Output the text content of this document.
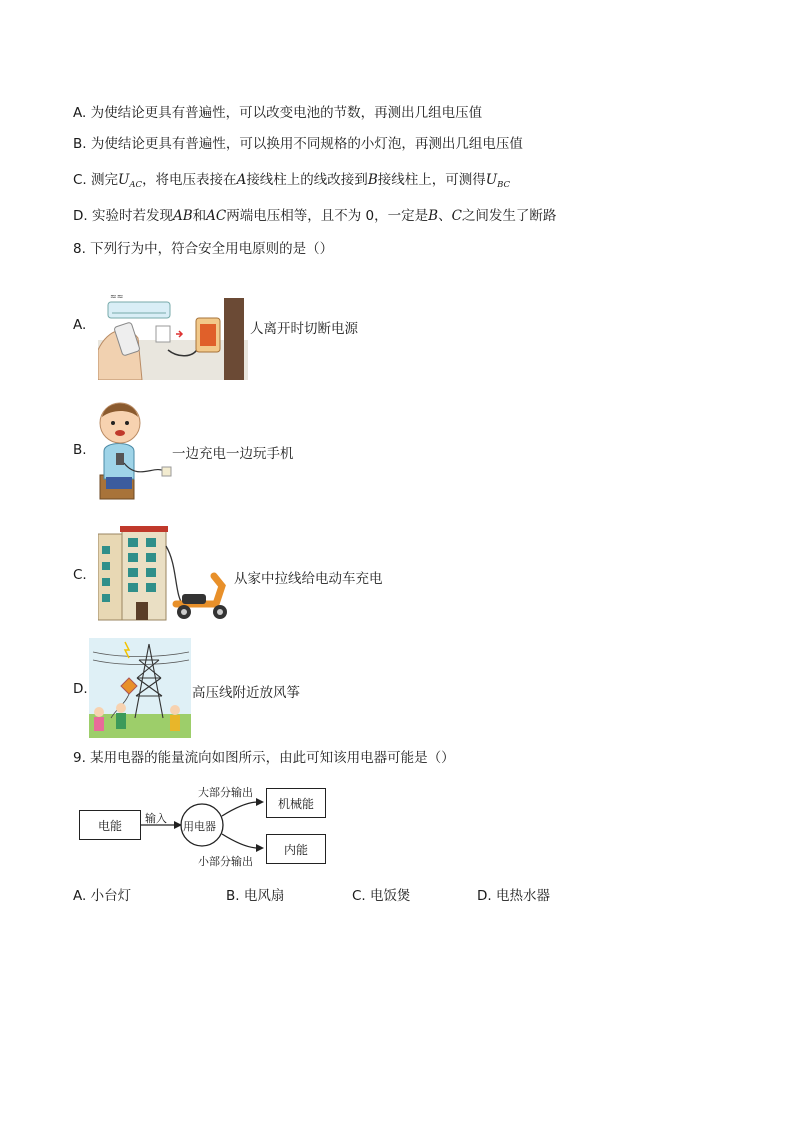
A. 为使结论更具有普遍性，可以改变电池的节数，再测出几组电压值
B. 为使结论更具有普遍性，可以换用不同规格的小灯泡，再测出几组电压值
C. 测完$U_{AC}$，将电压表接在A接线柱上的线改接到B接线柱上，可测得$U_{BC}$
D. 实验时若发现AB和AC两端电压相等，且不为 0，一定是B、C之间发生了断路
8. 下列行为中，符合安全用电原则的是（）
A.
≈≈
人离开时切断电源
B.	一边充电一边玩手机
C.	从家中拉线给电动车充电
D.	高压线附近放风筝
9. 某用电器的能量流向如图所示，由此可知该用电器可能是（）
电能	输入
用电器
大部分输出
机械能
小部分输出
内能
A. 小台灯	B. 电风扇	C. 电饭煲	D. 电热水器
